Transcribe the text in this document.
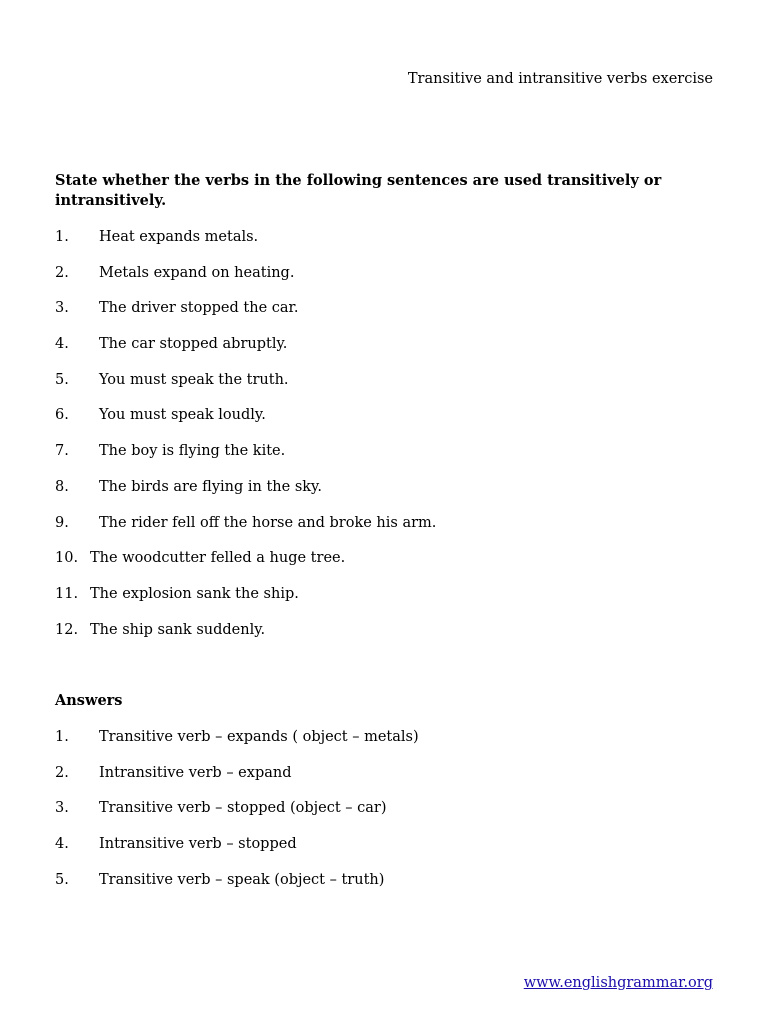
Transitive and intransitive verbs exercise
State whether the verbs in the following sentences are used transitively or intransitively.
1. Heat expands metals.
2. Metals expand on heating.
3. The driver stopped the car.
4. The car stopped abruptly.
5. You must speak the truth.
6. You must speak loudly.
7. The boy is flying the kite.
8. The birds are flying in the sky.
9. The rider fell off the horse and broke his arm.
10. The woodcutter felled a huge tree.
11. The explosion sank the ship.
12. The ship sank suddenly.
Answers
1. Transitive verb – expands ( object – metals)
2. Intransitive verb – expand
3. Transitive verb – stopped (object – car)
4. Intransitive verb – stopped
5. Transitive verb – speak (object – truth)
www.englishgrammar.org
